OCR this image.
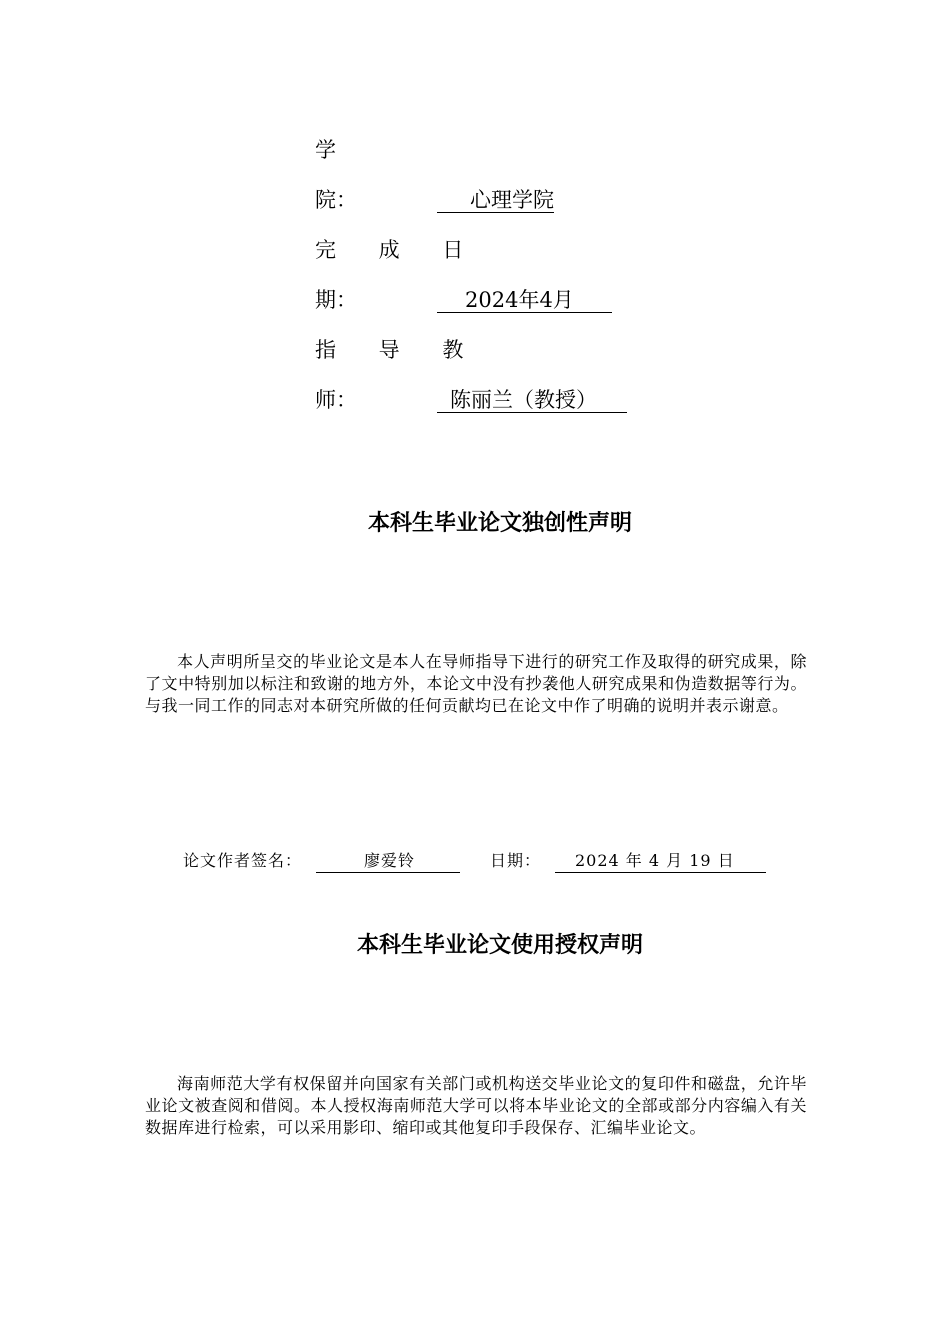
学
院：	心理学院
完 成 日
期：	2024年4月
指 导 教
师：	陈丽兰（教授）
本科生毕业论文独创性声明
本人声明所呈交的毕业论文是本人在导师指导下进行的研究工作及取得的研究成果，除了文中特别加以标注和致谢的地方外，本论文中没有抄袭他人研究成果和伪造数据等行为。与我一同工作的同志对本研究所做的任何贡献均已在论文中作了明确的说明并表示谢意。
论文作者签名：	廖爱铃	日期：	2024 年 4 月 19 日
本科生毕业论文使用授权声明
海南师范大学有权保留并向国家有关部门或机构送交毕业论文的复印件和磁盘，允许毕业论文被查阅和借阅。本人授权海南师范大学可以将本毕业论文的全部或部分内容编入有关数据库进行检索，可以采用影印、缩印或其他复印手段保存、汇编毕业论文。
